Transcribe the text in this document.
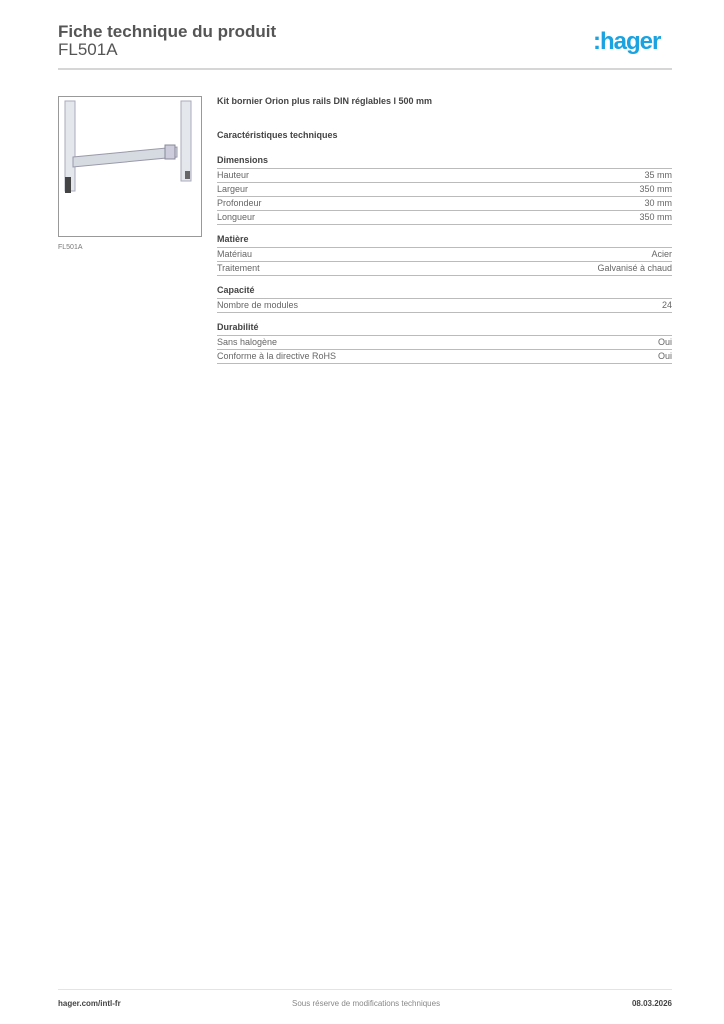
Fiche technique du produit
FL501A	:hager
FL501A
Kit bornier Orion plus rails DIN réglables l 500 mm
Caractéristiques techniques
Dimensions
Hauteur	35 mm
Largeur	350 mm
Profondeur	30 mm
Longueur	350 mm
Matière
Matériau	Acier
Traitement	Galvanisé à chaud
Capacité
Nombre de modules	24
Durabilité
Sans halogène	Oui
Conforme à la directive RoHS	Oui
hager.com/intl-fr	Sous réserve de modifications techniques	08.03.2026
